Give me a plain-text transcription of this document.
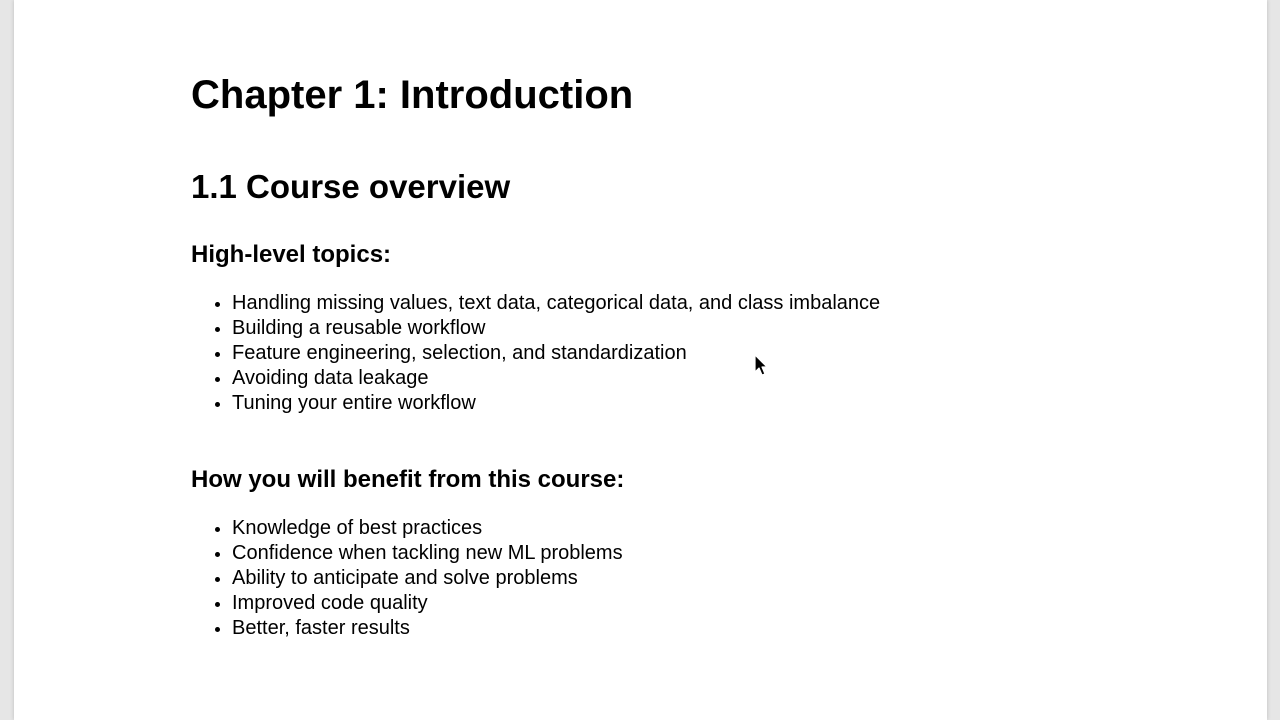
Chapter 1: Introduction
1.1 Course overview
High-level topics:
• Handling missing values, text data, categorical data, and class imbalance
• Building a reusable workflow
• Feature engineering, selection, and standardization
• Avoiding data leakage
• Tuning your entire workflow
How you will benefit from this course:
• Knowledge of best practices
• Confidence when tackling new ML problems
• Ability to anticipate and solve problems
• Improved code quality
• Better, faster results
